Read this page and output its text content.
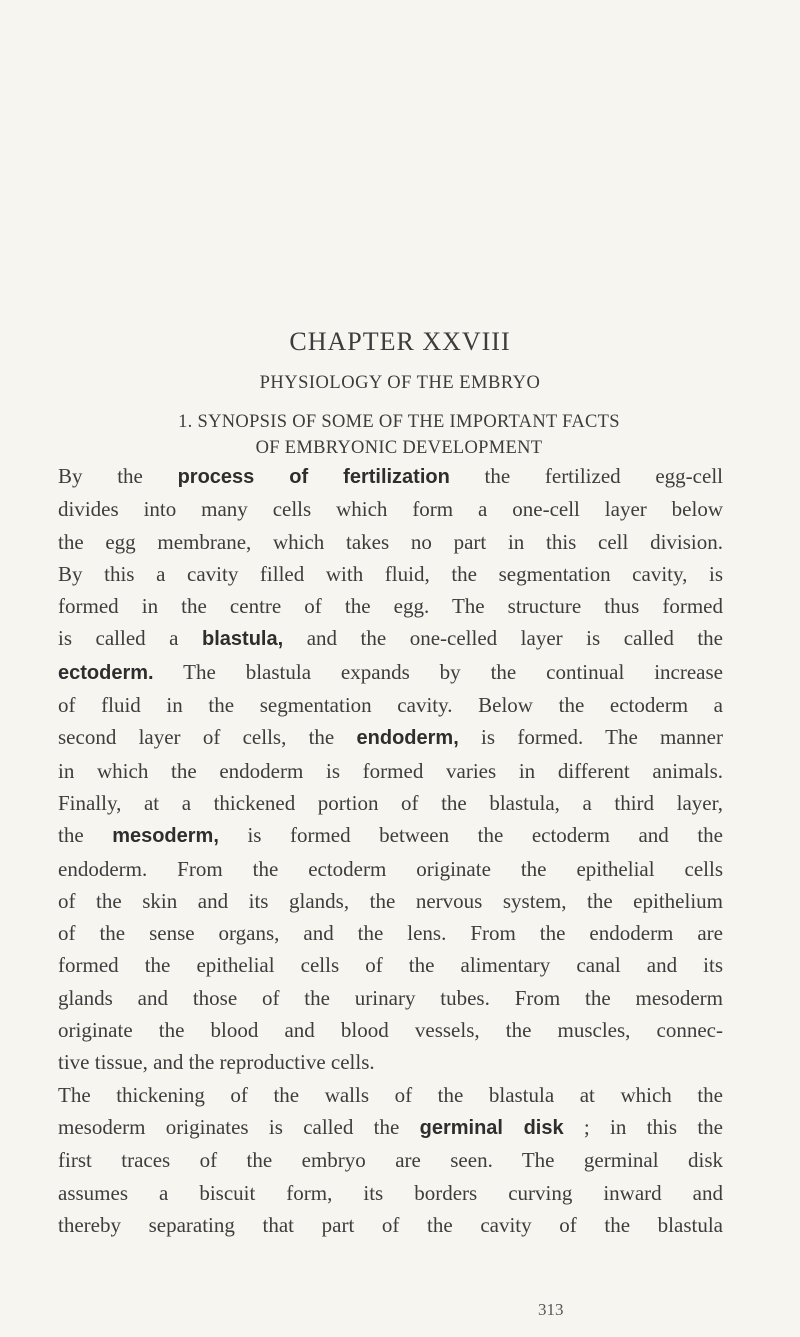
CHAPTER XXVIII
PHYSIOLOGY OF THE EMBRYO
1. SYNOPSIS OF SOME OF THE IMPORTANT FACTS
OF EMBRYONIC DEVELOPMENT
By the process of fertilization the fertilized egg-cell
divides into many cells which form a one-cell layer below
the egg membrane, which takes no part in this cell division.
By this a cavity filled with fluid, the segmentation cavity, is
formed in the centre of the egg. The structure thus formed
is called a blastula, and the one-celled layer is called the
ectoderm. The blastula expands by the continual increase
of fluid in the segmentation cavity. Below the ectoderm a
second layer of cells, the endoderm, is formed. The manner
in which the endoderm is formed varies in different animals.
Finally, at a thickened portion of the blastula, a third layer,
the mesoderm, is formed between the ectoderm and the
endoderm. From the ectoderm originate the epithelial cells
of the skin and its glands, the nervous system, the epithelium
of the sense organs, and the lens. From the endoderm are
formed the epithelial cells of the alimentary canal and its
glands and those of the urinary tubes. From the mesoderm
originate the blood and blood vessels, the muscles, connec-
tive tissue, and the reproductive cells.
The thickening of the walls of the blastula at which the
mesoderm originates is called the germinal disk ; in this the
first traces of the embryo are seen. The germinal disk
assumes a biscuit form, its borders curving inward and
thereby separating that part of the cavity of the blastula
313
